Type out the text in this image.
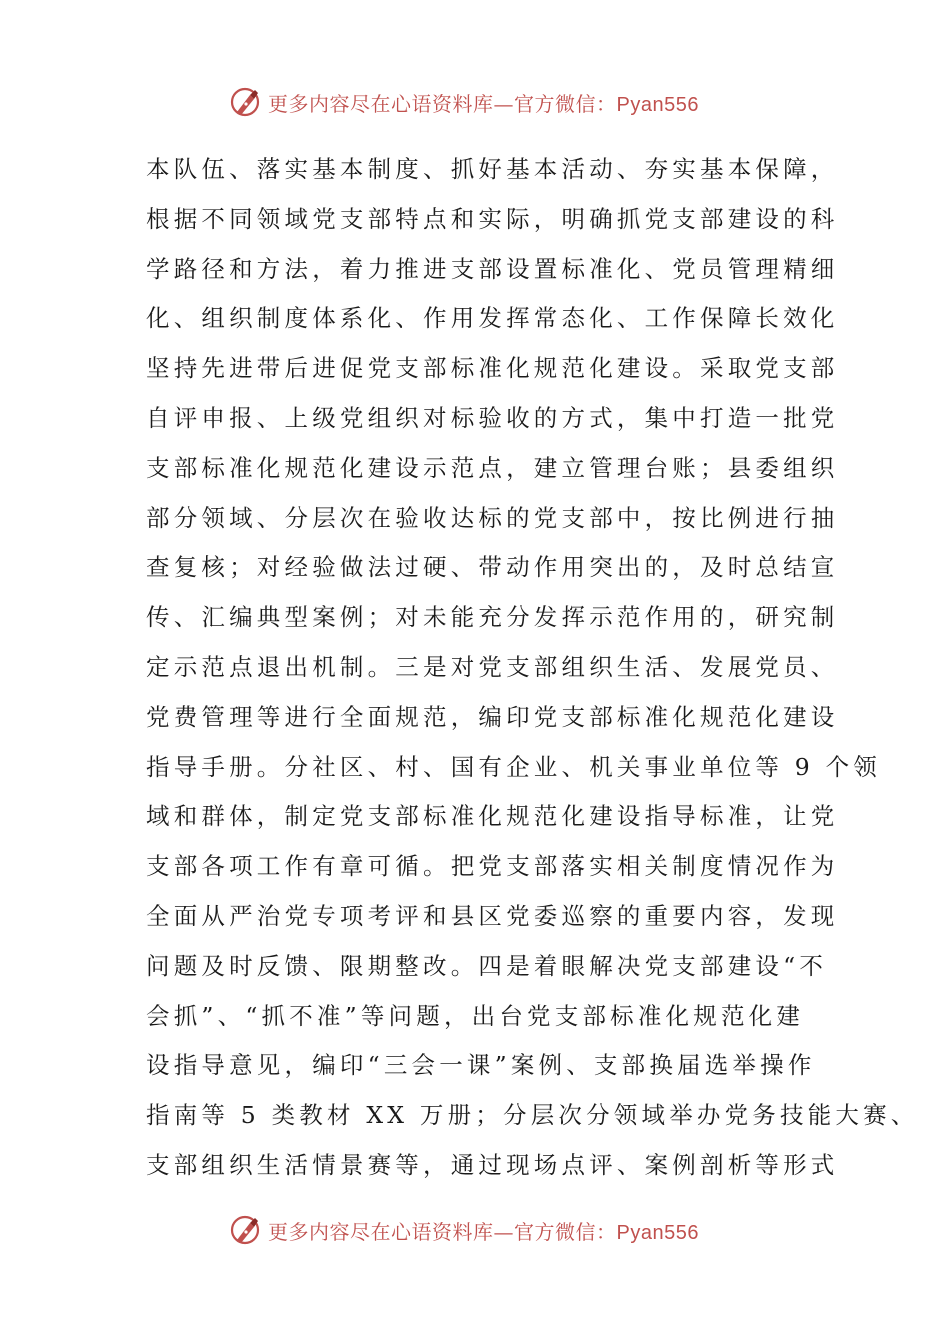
更多内容尽在心语资料库—官方微信：Pyan556
本队伍、落实基本制度、抓好基本活动、夯实基本保障，
根据不同领域党支部特点和实际，明确抓党支部建设的科
学路径和方法，着力推进支部设置标准化、党员管理精细
化、组织制度体系化、作用发挥常态化、工作保障长效化
坚持先进带后进促党支部标准化规范化建设。采取党支部
自评申报、上级党组织对标验收的方式，集中打造一批党
支部标准化规范化建设示范点，建立管理台账；县委组织
部分领域、分层次在验收达标的党支部中，按比例进行抽
查复核；对经验做法过硬、带动作用突出的，及时总结宣
传、汇编典型案例；对未能充分发挥示范作用的，研究制
定示范点退出机制。三是对党支部组织生活、发展党员、
党费管理等进行全面规范，编印党支部标准化规范化建设
指导手册。分社区、村、国有企业、机关事业单位等 9 个领
域和群体，制定党支部标准化规范化建设指导标准，让党
支部各项工作有章可循。把党支部落实相关制度情况作为
全面从严治党专项考评和县区党委巡察的重要内容，发现
问题及时反馈、限期整改。四是着眼解决党支部建设“不
会抓”、“抓不准”等问题，出台党支部标准化规范化建
设指导意见，编印“三会一课”案例、支部换届选举操作
指南等 5 类教材 XX 万册；分层次分领域举办党务技能大赛、
支部组织生活情景赛等，通过现场点评、案例剖析等形式
更多内容尽在心语资料库—官方微信：Pyan556
